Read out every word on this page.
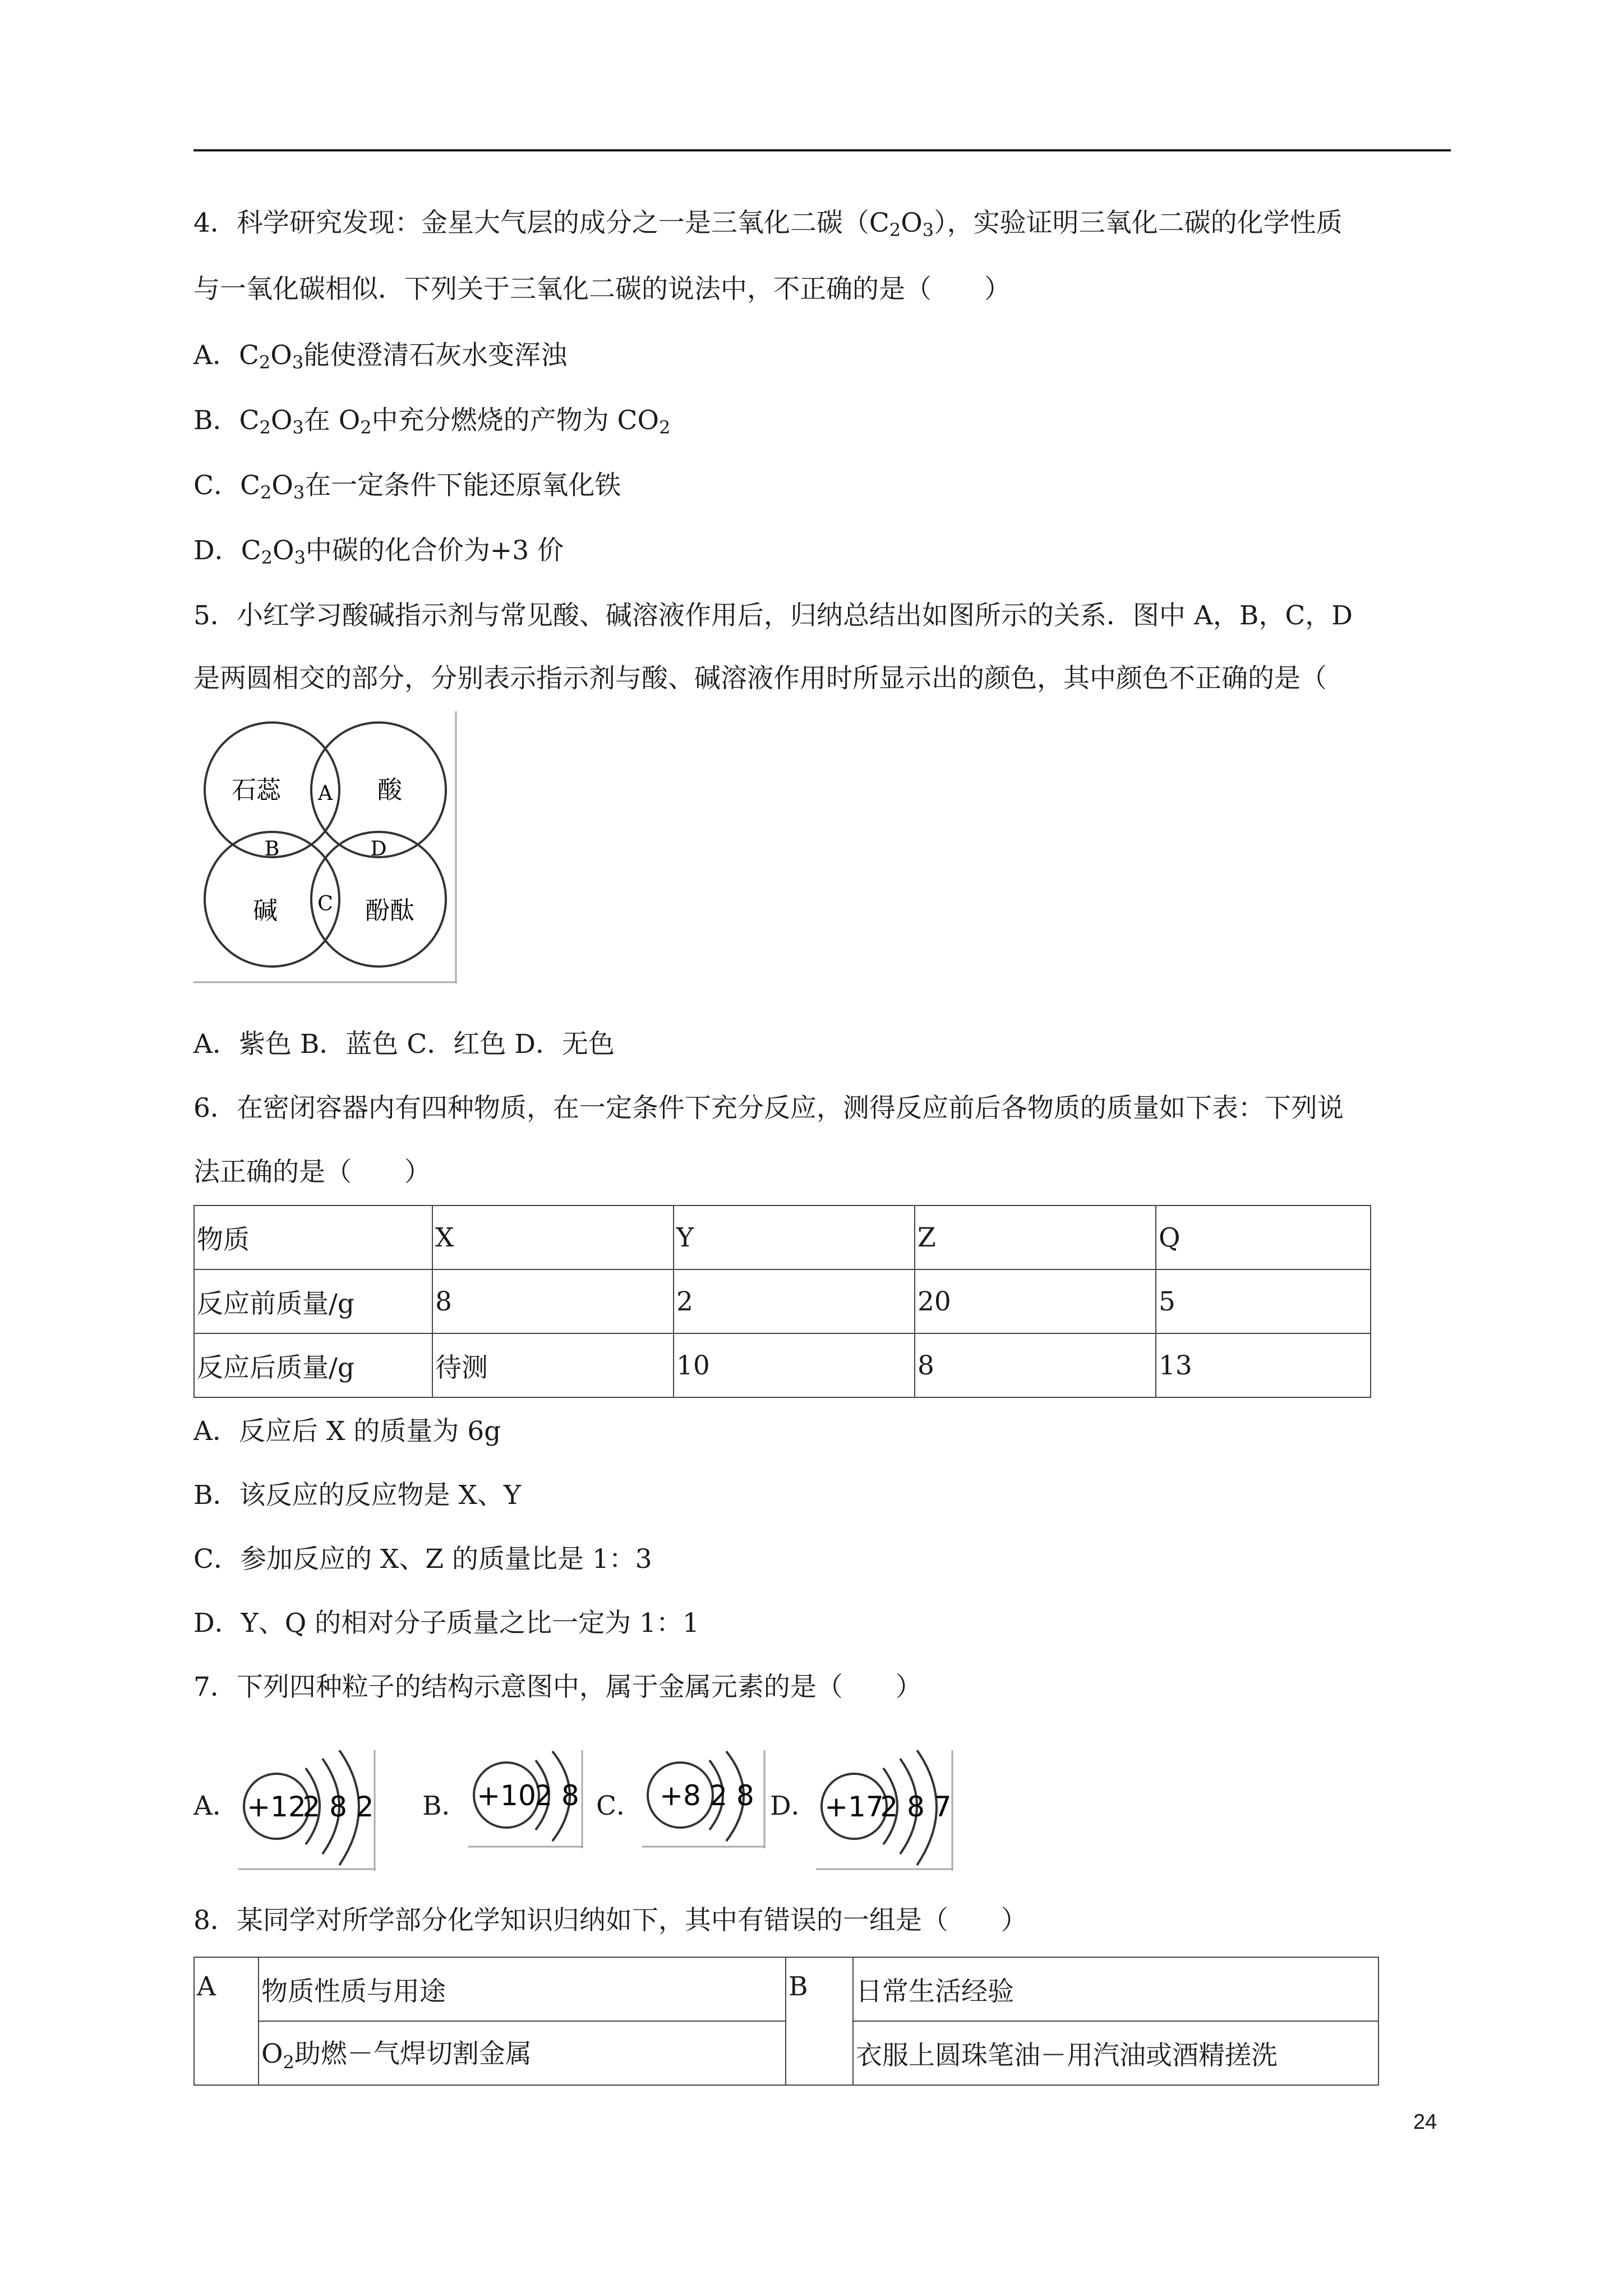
4．科学研究发现：金星大气层的成分之一是三氧化二碳$(C_2O_3)$，实验证明三氧化二碳的化学性质
与一氧化碳相似．下列关于三氧化二碳的说法中，不正确的是（　　）
A．$C_2O_3$能使澄清石灰水变浑浊
B．$C_2O_3$在 $O_2$中充分燃烧的产物为 $CO_2$
C．$C_2O_3$在一定条件下能还原氧化铁
D．$C_2O_3$中碳的化合价为+3 价
5．小红学习酸碱指示剂与常见酸、碱溶液作用后，归纳总结出如图所示的关系．图中 A，B，C，D
是两圆相交的部分，分别表示指示剂与酸、碱溶液作用时所显示出的颜色，其中颜色不正确的是（
石蕊	酸
碱	酚酞
A
B	D
C
A．紫色 B．蓝色 C．红色 D．无色
6．在密闭容器内有四种物质，在一定条件下充分反应，测得反应前后各物质的质量如下表：下列说
法正确的是（　　）
物质	X	Y	Z	Q
反应前质量/g	8	2	20	5
反应后质量/g	待测	10	8	13
A．反应后 X 的质量为 6g
B．该反应的反应物是 X、Y
C．参加反应的 X、Z 的质量比是 1：3
D．Y、Q 的相对分子质量之比一定为 1：1
7．下列四种粒子的结构示意图中，属于金属元素的是（　　）
A． +12
2 8 2 B． +10
2 8 C． +8 2 8 D． +17
2 8 7
8．某同学对所学部分化学知识归纳如下，其中有错误的一组是（　　）
A	物质性质与用途	B	日常生活经验
	$O_2$助燃－气焊切割金属		衣服上圆珠笔油－用汽油或酒精搓洗
24
